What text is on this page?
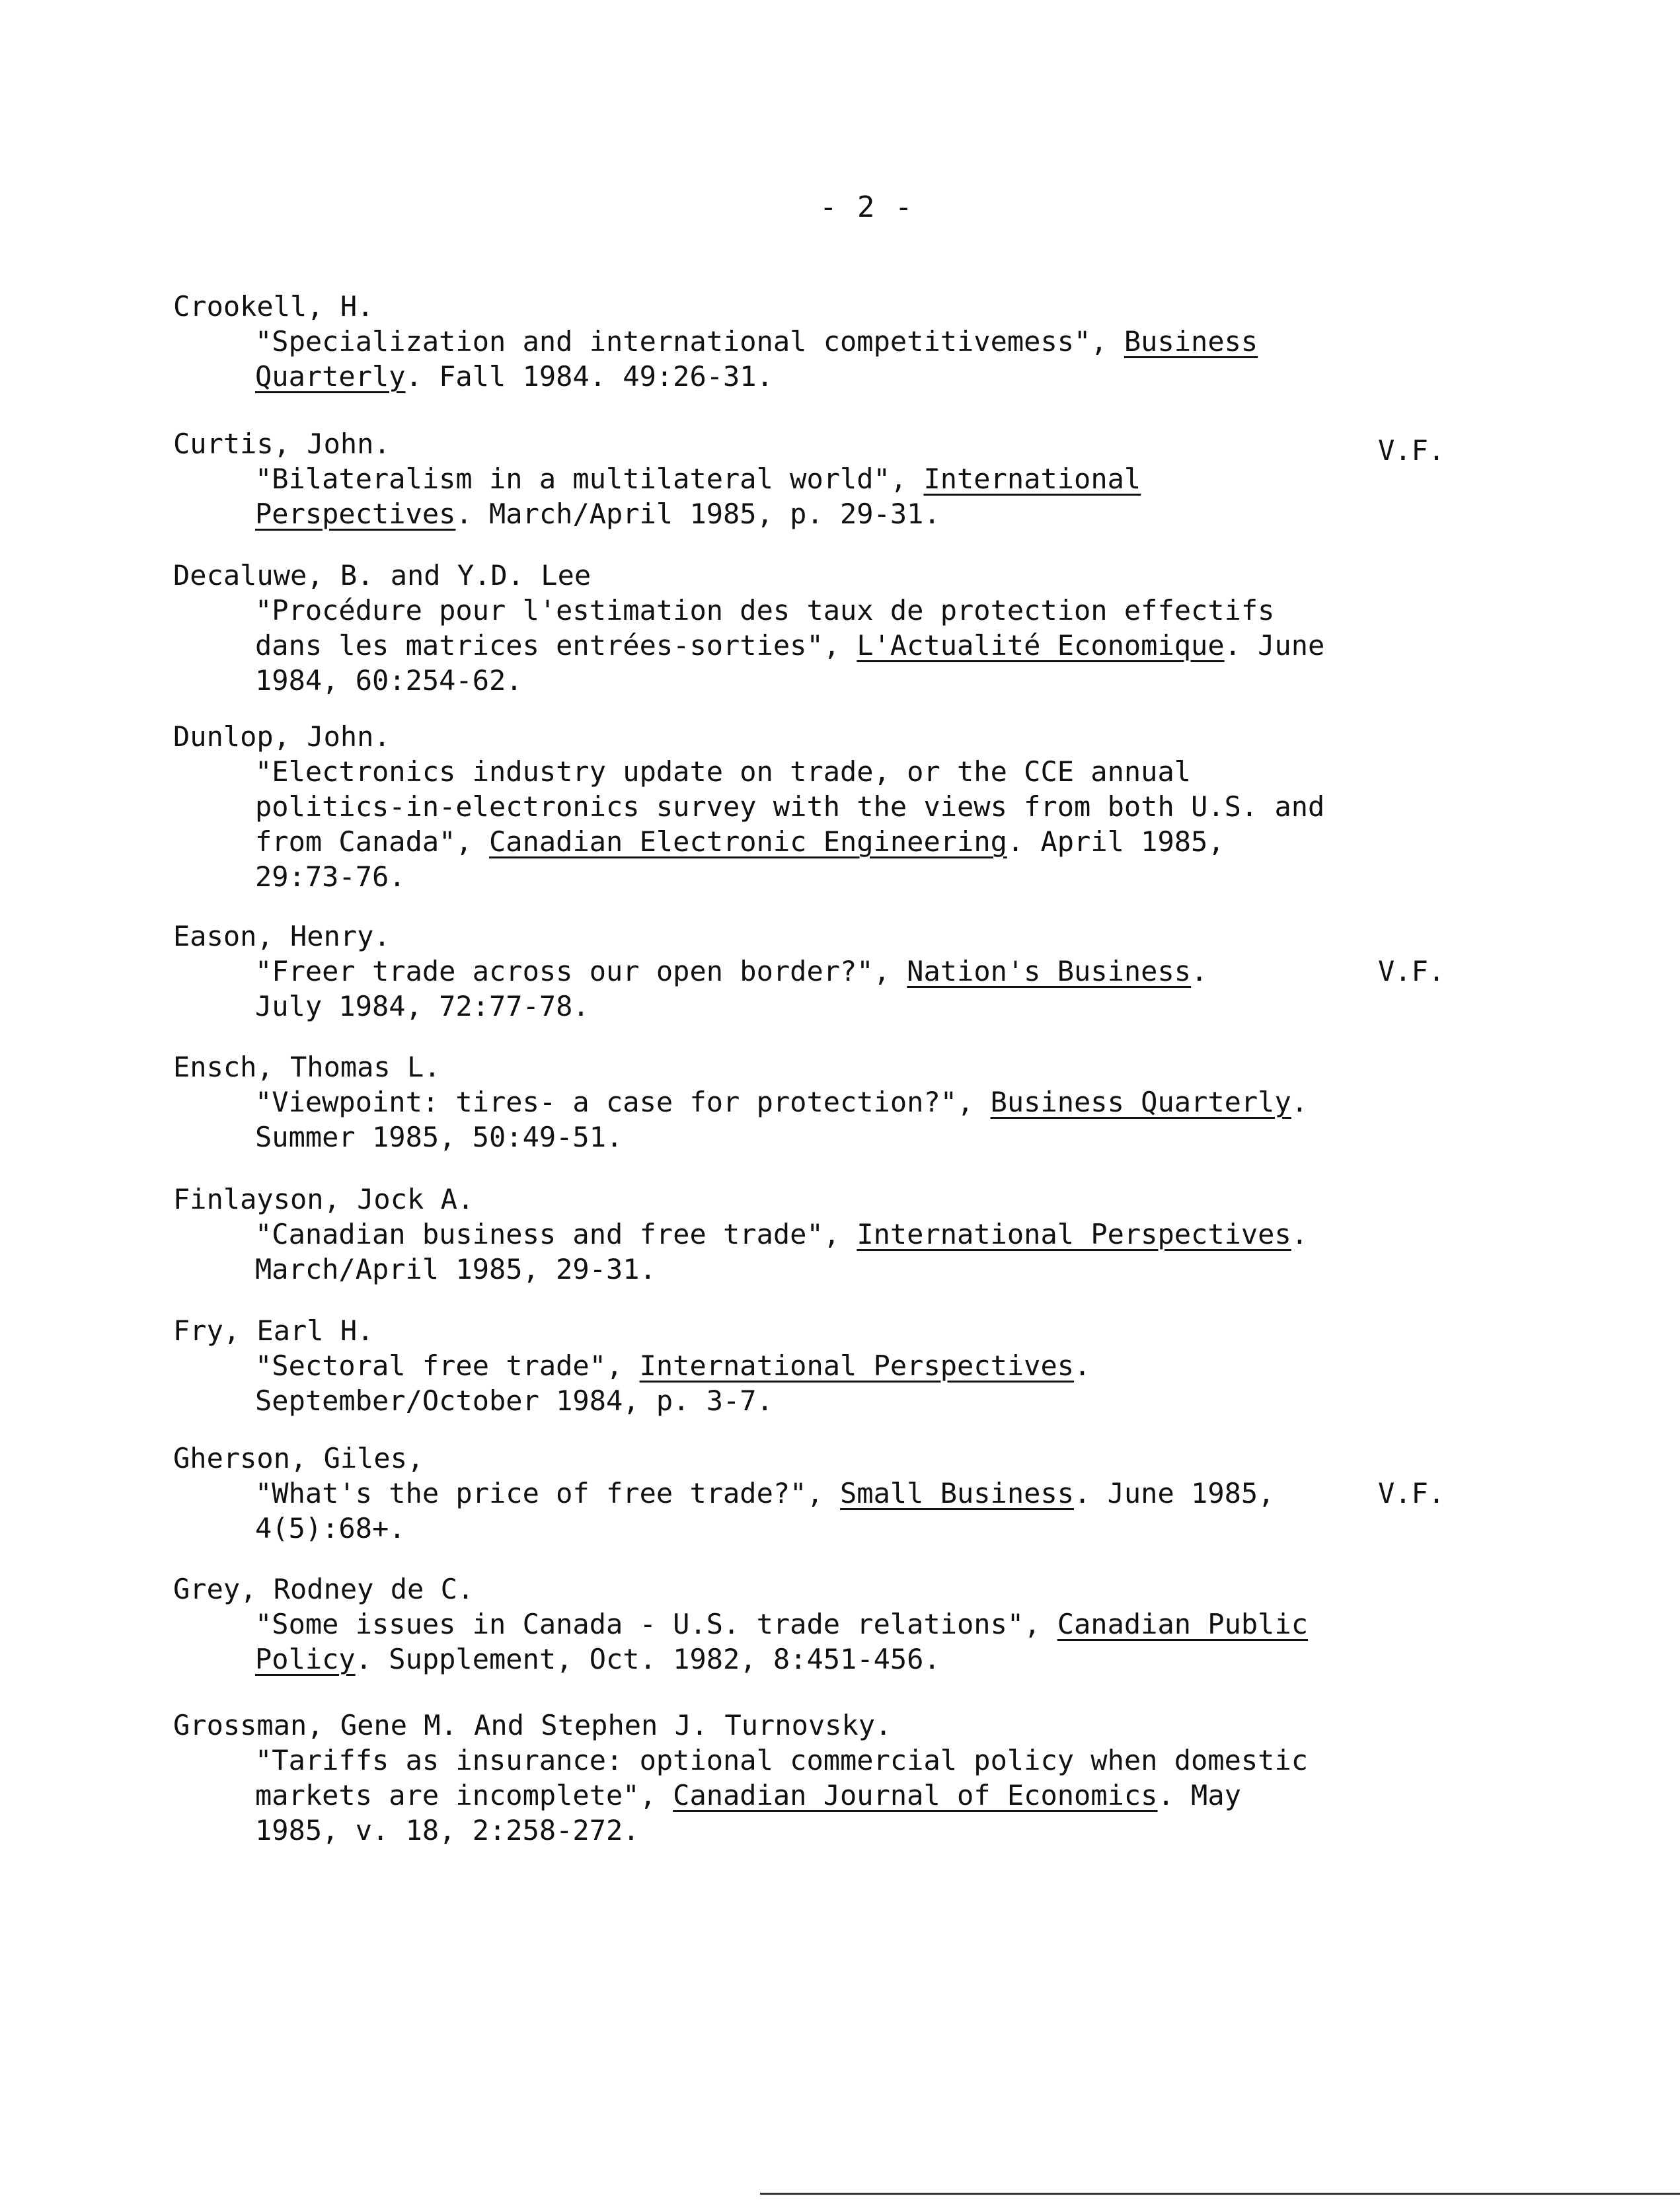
- 2 -
Crookell, H.
"Specialization and international competitivemess", Business
Quarterly. Fall 1984. 49:26-31.
Curtis, John.
"Bilateralism in a multilateral world", International
Perspectives. March/April 1985, p. 29-31.
V.F.
Decaluwe, B. and Y.D. Lee
"Procédure pour l'estimation des taux de protection effectifs
dans les matrices entrées-sorties", L'Actualité Economique. June
1984, 60:254-62.
Dunlop, John.
"Electronics industry update on trade, or the CCE annual
politics-in-electronics survey with the views from both U.S. and
from Canada", Canadian Electronic Engineering. April 1985,
29:73-76.
Eason, Henry.
"Freer trade across our open border?", Nation's Business.
July 1984, 72:77-78.
V.F.
Ensch, Thomas L.
"Viewpoint: tires- a case for protection?", Business Quarterly.
Summer 1985, 50:49-51.
Finlayson, Jock A.
"Canadian business and free trade", International Perspectives.
March/April 1985, 29-31.
Fry, Earl H.
"Sectoral free trade", International Perspectives.
September/October 1984, p. 3-7.
Gherson, Giles,
"What's the price of free trade?", Small Business. June 1985,
4(5):68+.
V.F.
Grey, Rodney de C.
"Some issues in Canada - U.S. trade relations", Canadian Public
Policy. Supplement, Oct. 1982, 8:451-456.
Grossman, Gene M. And Stephen J. Turnovsky.
"Tariffs as insurance: optional commercial policy when domestic
markets are incomplete", Canadian Journal of Economics. May
1985, v. 18, 2:258-272.
